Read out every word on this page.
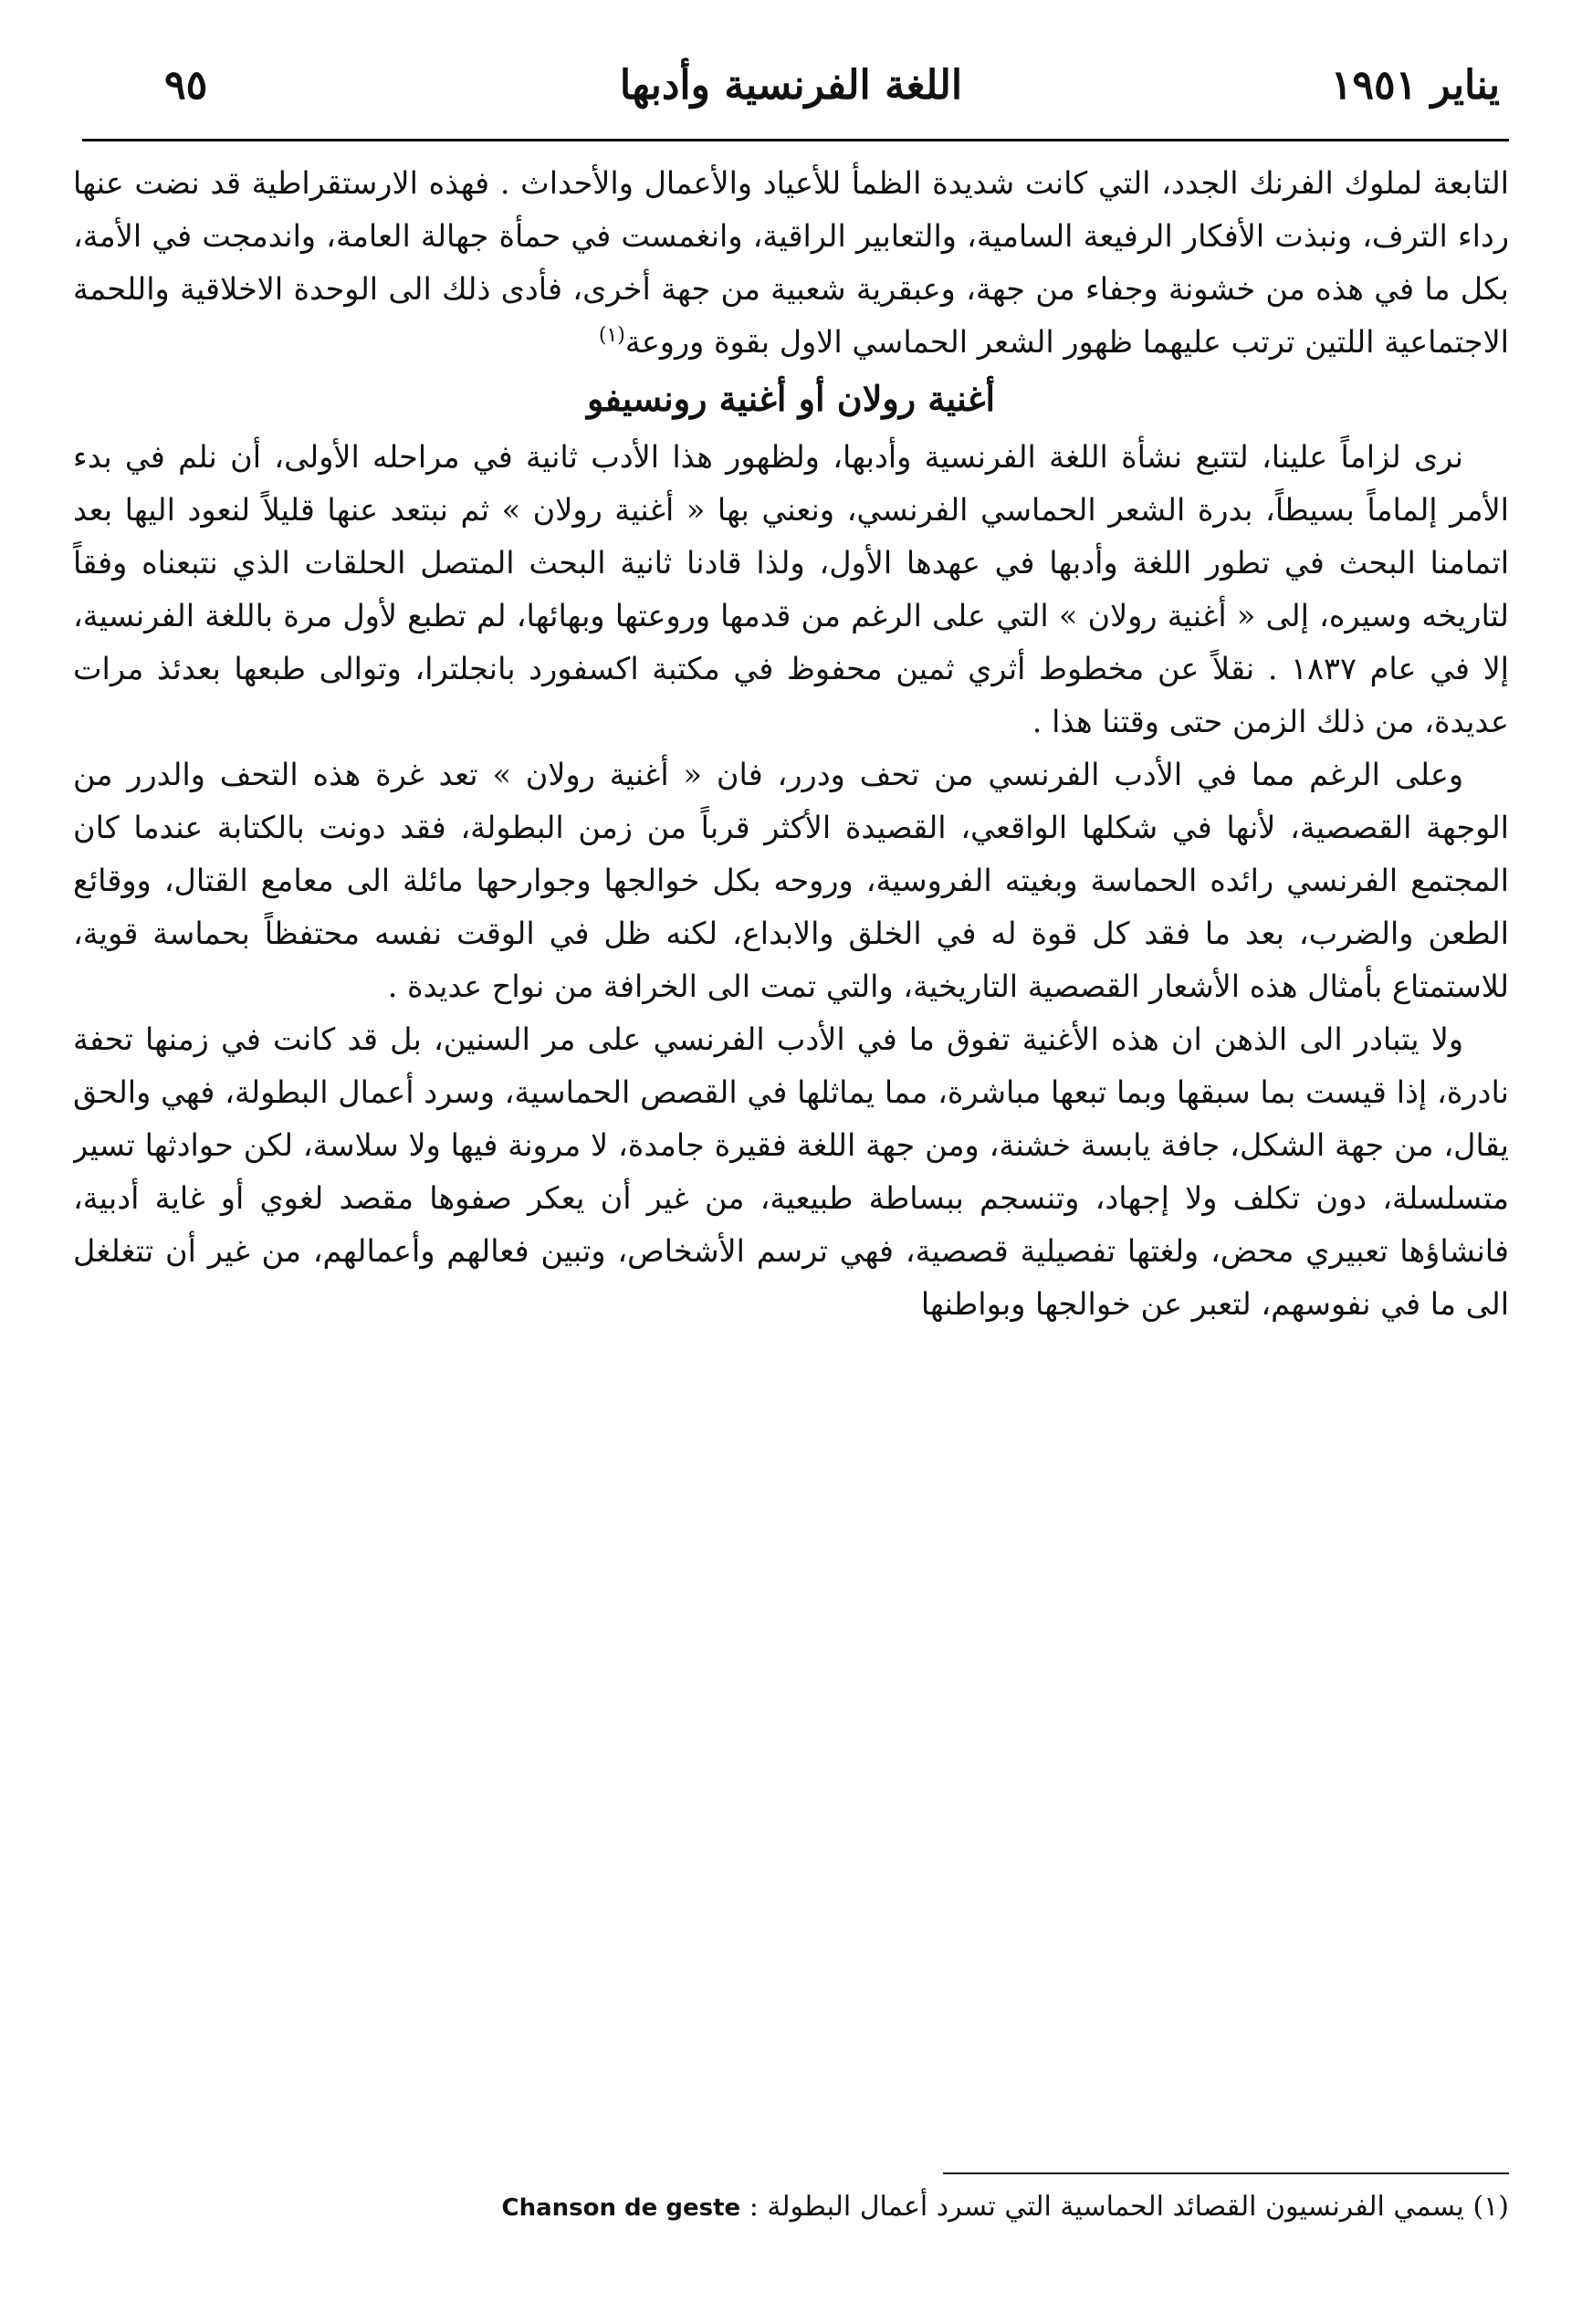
يناير ١٩٥١
اللغة الفرنسية وأدبها
٩٥

التابعة لملوك الفرنك الجدد، التي كانت شديدة الظمأ للأعياد والأعمال والأحداث . فهذه الارستقراطية قد نضت عنها رداء الترف، ونبذت الأفكار الرفيعة السامية، والتعابير الراقية، وانغمست في حمأة جهالة العامة، واندمجت في الأمة، بكل ما في هذه من خشونة وجفاء من جهة، وعبقرية شعبية من جهة أخرى، فأدى ذلك الى الوحدة الاخلاقية واللحمة الاجتماعية اللتين ترتب عليهما ظهور الشعر الحماسي الاول بقوة وروعة$^{(١)}$

أغنية رولان أو أغنية رونسيفو

نرى لزاماً علينا، لتتبع نشأة اللغة الفرنسية وأدبها، ولظهور هذا الأدب ثانية في مراحله الأولى، أن نلم في بدء الأمر إلماماً بسيطاً، بدرة الشعر الحماسي الفرنسي، ونعني بها « أغنية رولان » ثم نبتعد عنها قليلاً لنعود اليها بعد اتمامنا البحث في تطور اللغة وأدبها في عهدها الأول، ولذا قادنا ثانية البحث المتصل الحلقات الذي نتبعناه وفقاً لتاريخه وسيره، إلى « أغنية رولان » التي على الرغم من قدمها وروعتها وبهائها، لم تطبع لأول مرة باللغة الفرنسية، إلا في عام ١٨٣٧ . نقلاً عن مخطوط أثري ثمين محفوظ في مكتبة اكسفورد بانجلترا، وتوالى طبعها بعدئذ مرات عديدة، من ذلك الزمن حتى وقتنا هذا .

وعلى الرغم مما في الأدب الفرنسي من تحف ودرر، فان « أغنية رولان » تعد غرة هذه التحف والدرر من الوجهة القصصية، لأنها في شكلها الواقعي، القصيدة الأكثر قرباً من زمن البطولة، فقد دونت بالكتابة عندما كان المجتمع الفرنسي رائده الحماسة وبغيته الفروسية، وروحه بكل خوالجها وجوارحها مائلة الى معامع القتال، ووقائع الطعن والضرب، بعد ما فقد كل قوة له في الخلق والابداع، لكنه ظل في الوقت نفسه محتفظاً بحماسة قوية، للاستمتاع بأمثال هذه الأشعار القصصية التاريخية، والتي تمت الى الخرافة من نواح عديدة .

ولا يتبادر الى الذهن ان هذه الأغنية تفوق ما في الأدب الفرنسي على مر السنين، بل قد كانت في زمنها تحفة نادرة، إذا قيست بما سبقها وبما تبعها مباشرة، مما يماثلها في القصص الحماسية، وسرد أعمال البطولة، فهي والحق يقال، من جهة الشكل، جافة يابسة خشنة، ومن جهة اللغة فقيرة جامدة، لا مرونة فيها ولا سلاسة، لكن حوادثها تسير متسلسلة، دون تكلف ولا إجهاد، وتنسجم ببساطة طبيعية، من غير أن يعكر صفوها مقصد لغوي أو غاية أدبية، فانشاؤها تعبيري محض، ولغتها تفصيلية قصصية، فهي ترسم الأشخاص، وتبين فعالهم وأعمالهم، من غير أن تتغلغل الى ما في نفوسهم، لتعبر عن خوالجها وبواطنها

(١) يسمي الفرنسيون القصائد الحماسية التي تسرد أعمال البطولة : Chanson de geste
